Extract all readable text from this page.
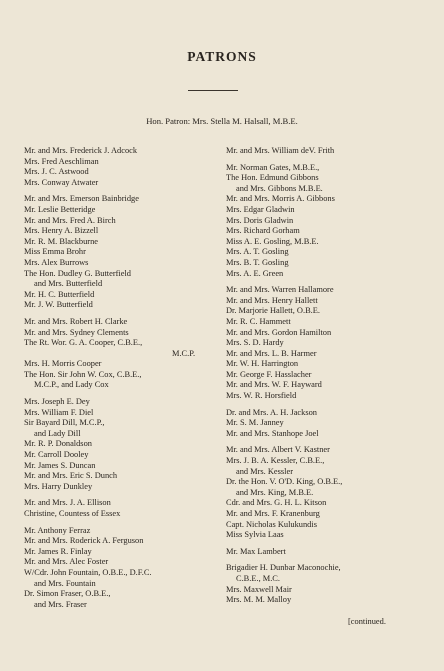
PATRONS
Hon. Patron: Mrs. Stella M. Halsall, M.B.E.
Mr. and Mrs. Frederick J. Adcock
Mrs. Fred Aeschliman
Mrs. J. C. Astwood
Mrs. Conway Atwater
Mr. and Mrs. Emerson Bainbridge
Mr. Leslie Betteridge
Mr. and Mrs. Fred A. Birch
Mrs. Henry A. Bizzell
Mr. R. M. Blackburne
Miss Emma Brohr
Mrs. Alex Burrows
The Hon. Dudley G. Butterfield
and Mrs. Butterfield
Mr. H. C. Butterfield
Mr. J. W. Butterfield
Mr. and Mrs. Robert H. Clarke
Mr. and Mrs. Sydney Clements
The Rt. Wor. G. A. Cooper, C.B.E.,
M.C.P.
Mrs. H. Morris Cooper
The Hon. Sir John W. Cox, C.B.E.,
M.C.P., and Lady Cox
Mrs. Joseph E. Dey
Mrs. William F. Diel
Sir Bayard Dill, M.C.P.,
and Lady Dill
Mr. R. P. Donaldson
Mr. Carroll Dooley
Mr. James S. Duncan
Mr. and Mrs. Eric S. Dunch
Mrs. Harry Dunkley
Mr. and Mrs. J. A. Ellison
Christine, Countess of Essex
Mr. Anthony Ferraz
Mr. and Mrs. Roderick A. Ferguson
Mr. James R. Finlay
Mr. and Mrs. Alec Foster
W/Cdr. John Fountain, O.B.E., D.F.C.
and Mrs. Fountain
Dr. Simon Fraser, O.B.E.,
and Mrs. Fraser
Mr. and Mrs. William deV. Frith
Mr. Norman Gates, M.B.E.,
The Hon. Edmund Gibbons
and Mrs. Gibbons M.B.E.
Mr. and Mrs. Morris A. Gibbons
Mrs. Edgar Gladwin
Mrs. Doris Gladwin
Mrs. Richard Gorham
Miss A. E. Gosling, M.B.E.
Mrs. A. T. Gosling
Mrs. B. T. Gosling
Mrs. A. E. Green
Mr. and Mrs. Warren Hallamore
Mr. and Mrs. Henry Hallett
Dr. Marjorie Hallett, O.B.E.
Mr. R. C. Hammett
Mr. and Mrs. Gordon Hamilton
Mrs. S. D. Hardy
Mr. and Mrs. L. B. Harmer
Mr. W. H. Harrington
Mr. George F. Hasslacher
Mr. and Mrs. W. F. Hayward
Mrs. W. R. Horsfield
Dr. and Mrs. A. H. Jackson
Mr. S. M. Janney
Mr. and Mrs. Stanhope Joel
Mr. and Mrs. Albert V. Kastner
Mrs. J. B. A. Kessler, C.B.E.,
and Mrs. Kessler
Dr. the Hon. V. O'D. King, O.B.E.,
and Mrs. King, M.B.E.
Cdr. and Mrs. G. H. L. Kitson
Mr. and Mrs. F. Kranenburg
Capt. Nicholas Kulukundis
Miss Sylvia Laas
Mr. Max Lambert
Brigadier H. Dunbar Maconochie,
C.B.E., M.C.
Mrs. Maxwell Mair
Mrs. M. M. Malloy
[continued.
